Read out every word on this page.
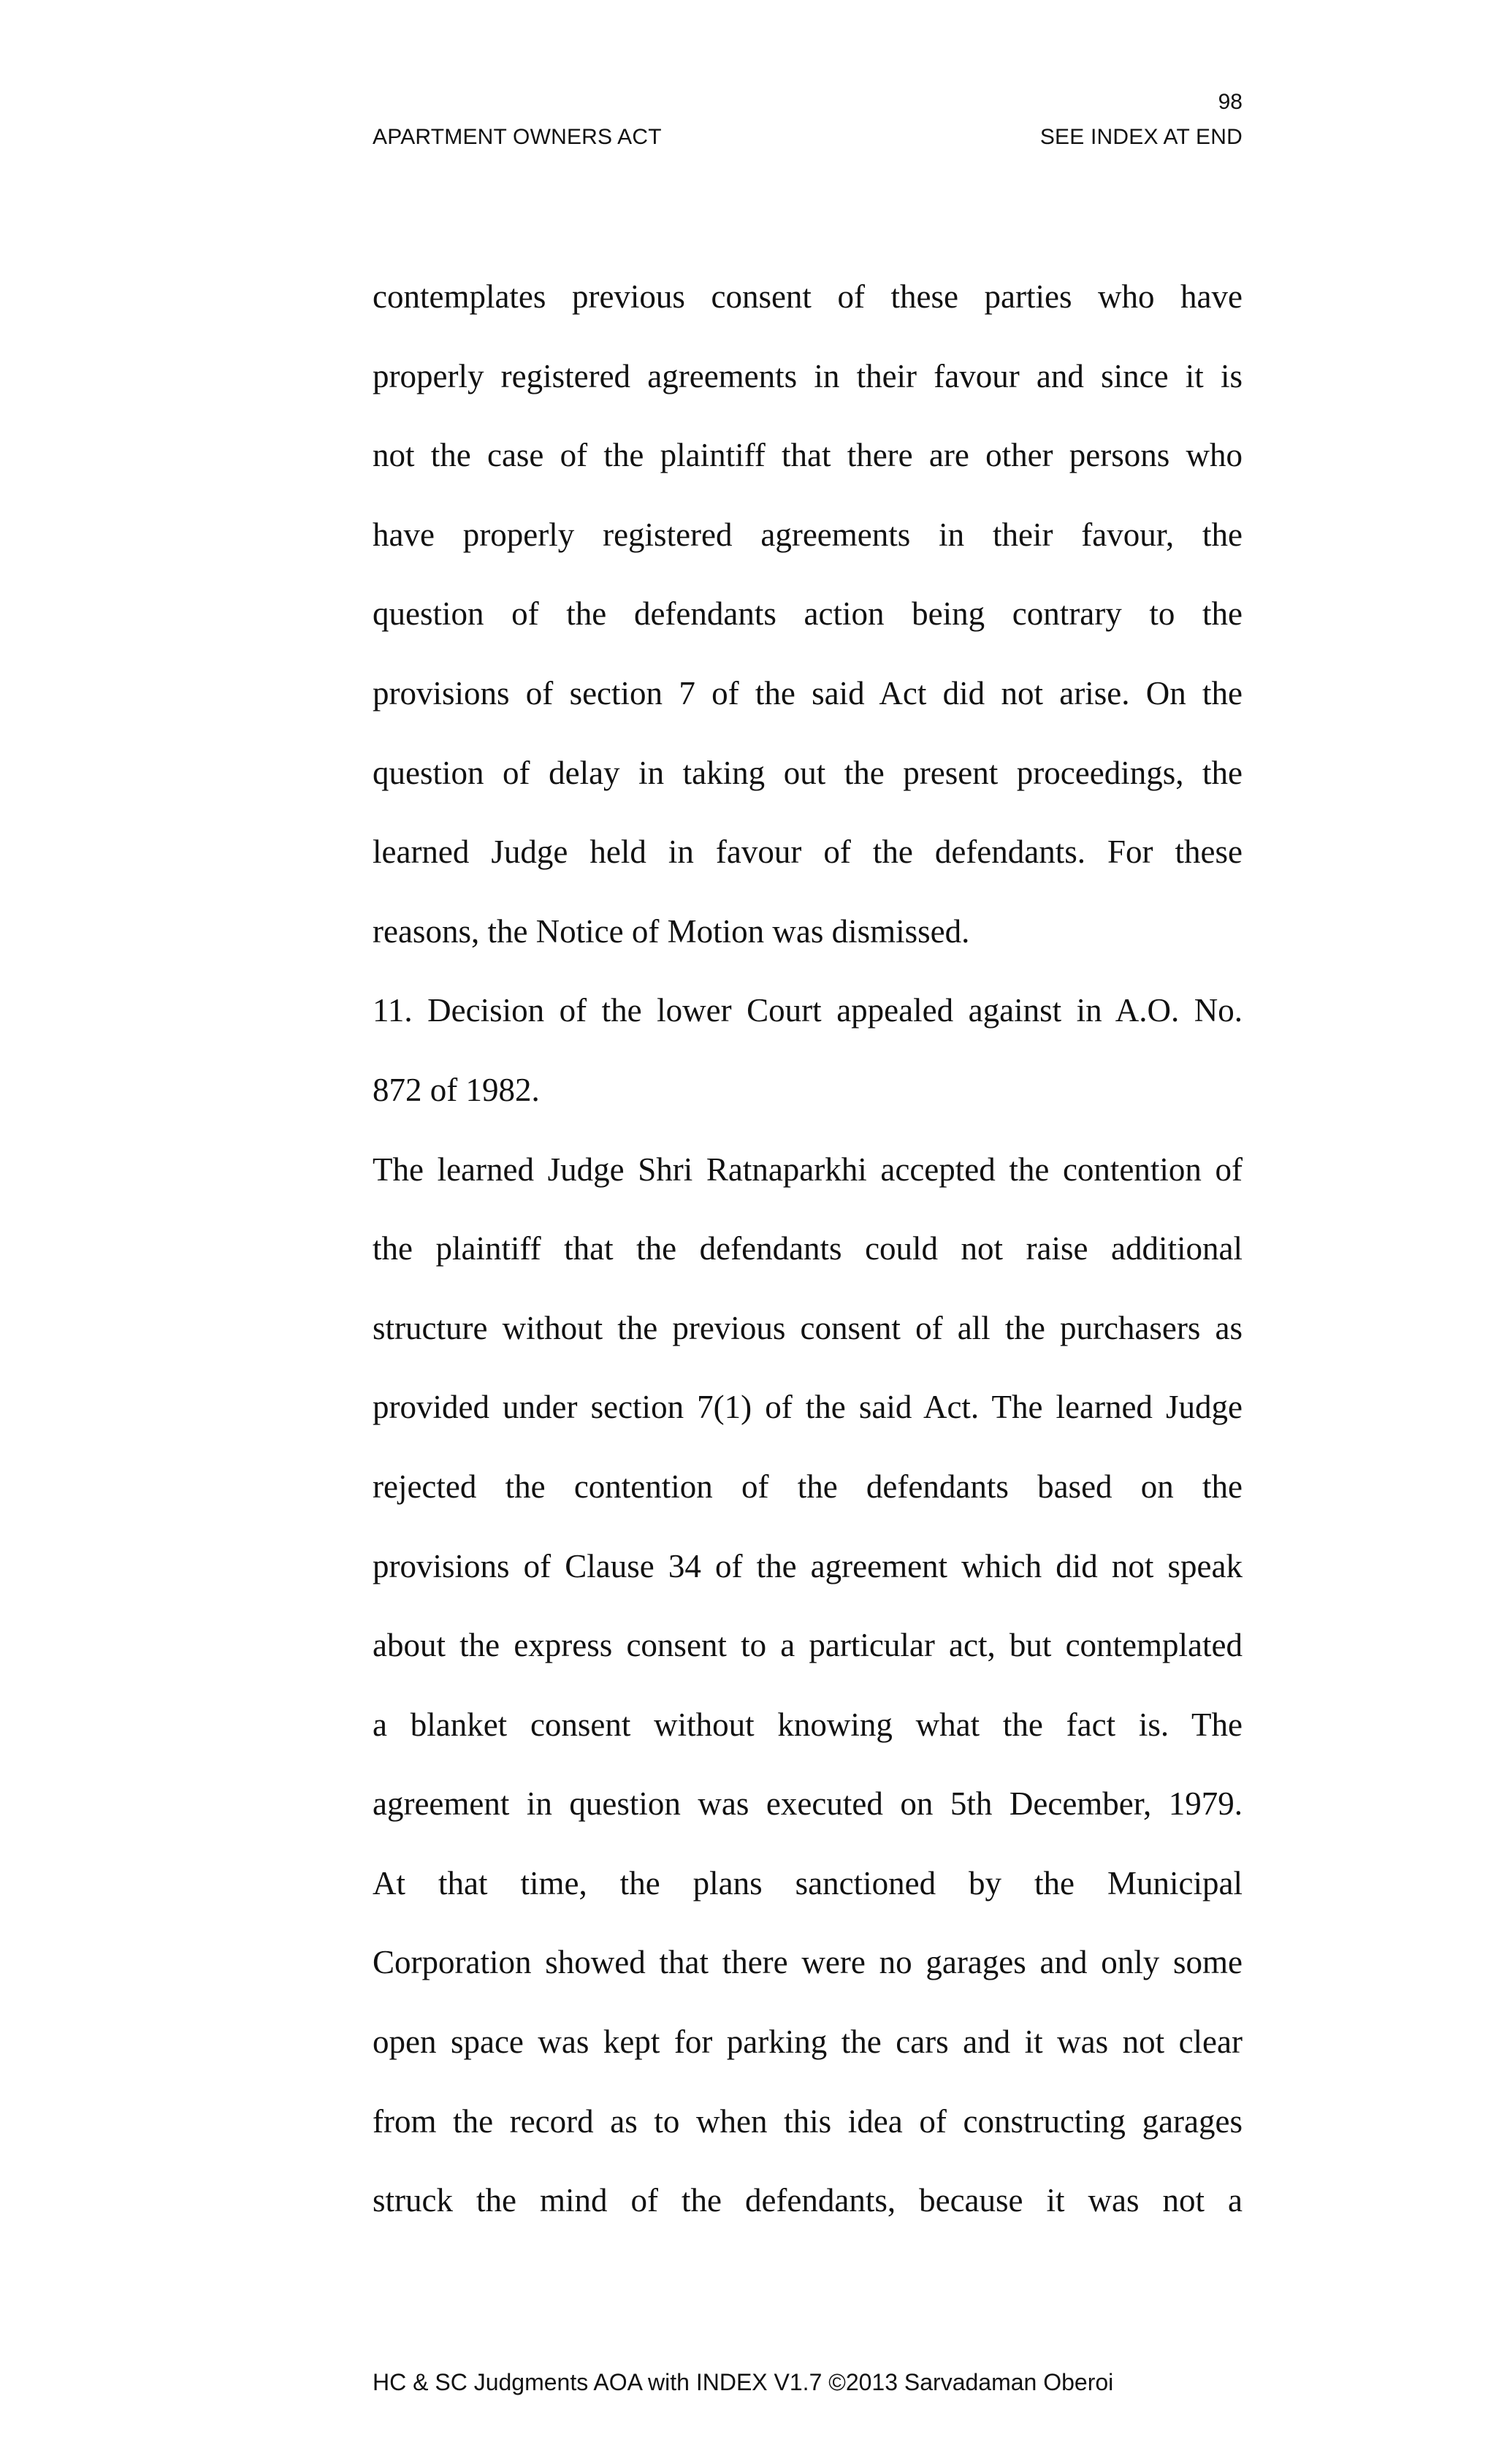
98
APARTMENT OWNERS ACT	SEE INDEX AT END
contemplates previous consent of these parties who have
properly registered agreements in their favour and since it is
not the case of the plaintiff that there are other persons who
have properly registered agreements in their favour, the
question of the defendants action being contrary to the
provisions of section 7 of the said Act did not arise. On the
question of delay in taking out the present proceedings, the
learned Judge held in favour of the defendants. For these
reasons, the Notice of Motion was dismissed.
11. Decision of the lower Court appealed against in A.O. No.
872 of 1982.
The learned Judge Shri Ratnaparkhi accepted the contention of
the plaintiff that the defendants could not raise additional
structure without the previous consent of all the purchasers as
provided under section 7(1) of the said Act. The learned Judge
rejected the contention of the defendants based on the
provisions of Clause 34 of the agreement which did not speak
about the express consent to a particular act, but contemplated
a blanket consent without knowing what the fact is. The
agreement in question was executed on 5th December, 1979.
At that time, the plans sanctioned by the Municipal
Corporation showed that there were no garages and only some
open space was kept for parking the cars and it was not clear
from the record as to when this idea of constructing garages
struck the mind of the defendants, because it was not a
HC & SC Judgments AOA with INDEX V1.7 ©2013 Sarvadaman Oberoi
